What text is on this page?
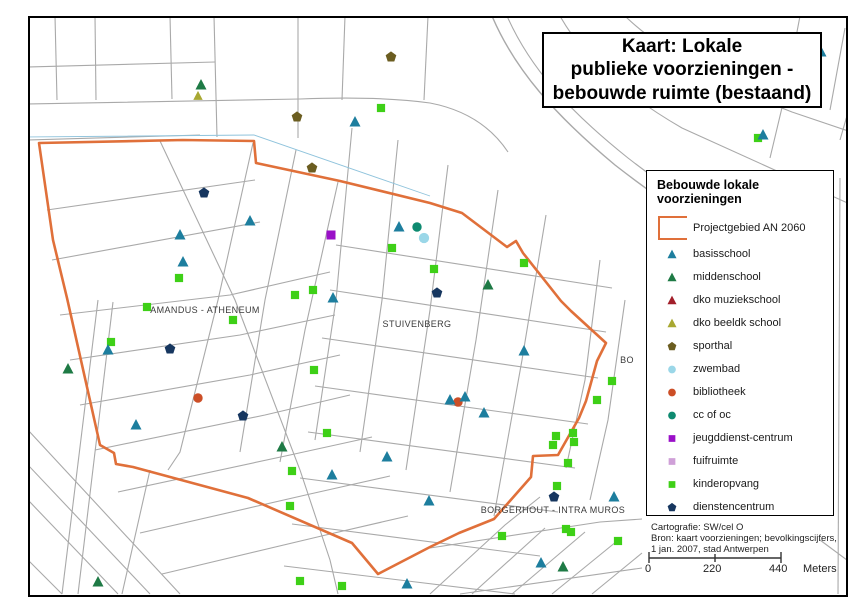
AMANDUS - ATHENEUM
STUIVENBERG
BORGERHOUT - INTRA MUROS
BO
Kaart: Lokale
publieke voorzieningen -
bebouwde ruimte (bestaand)
Bebouwde lokale
voorzieningen
Projectgebied AN 2060
basisschool
middenschool
dko muziekschool
dko beeldk school
sporthal
zwembad
bibliotheek
cc of oc
jeugddienst-centrum
fuifruimte
kinderopvang
dienstencentrum
Cartografie: SW/cel O
Bron: kaart voorzieningen; bevolkingscijfers,
1 jan. 2007, stad Antwerpen
0	220	440 Meters
